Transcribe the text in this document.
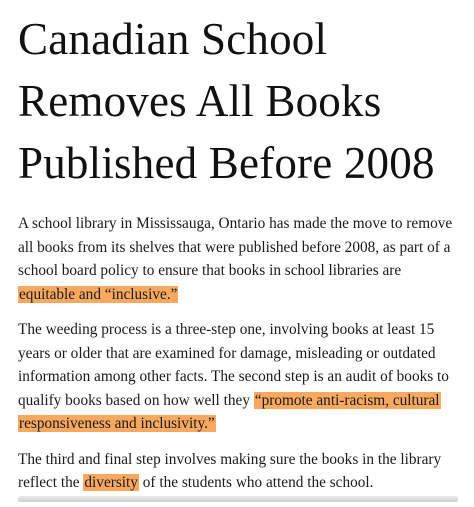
Canadian School Removes All Books Published Before 2008

A school library in Mississauga, Ontario has made the move to remove all books from its shelves that were published before 2008, as part of a school board policy to ensure that books in school libraries are equitable and “inclusive.”

The weeding process is a three-step one, involving books at least 15 years or older that are examined for damage, misleading or outdated information among other facts. The second step is an audit of books to qualify books based on how well they “promote anti-racism, cultural responsiveness and inclusivity.”

The third and final step involves making sure the books in the library reflect the diversity of the students who attend the school.
